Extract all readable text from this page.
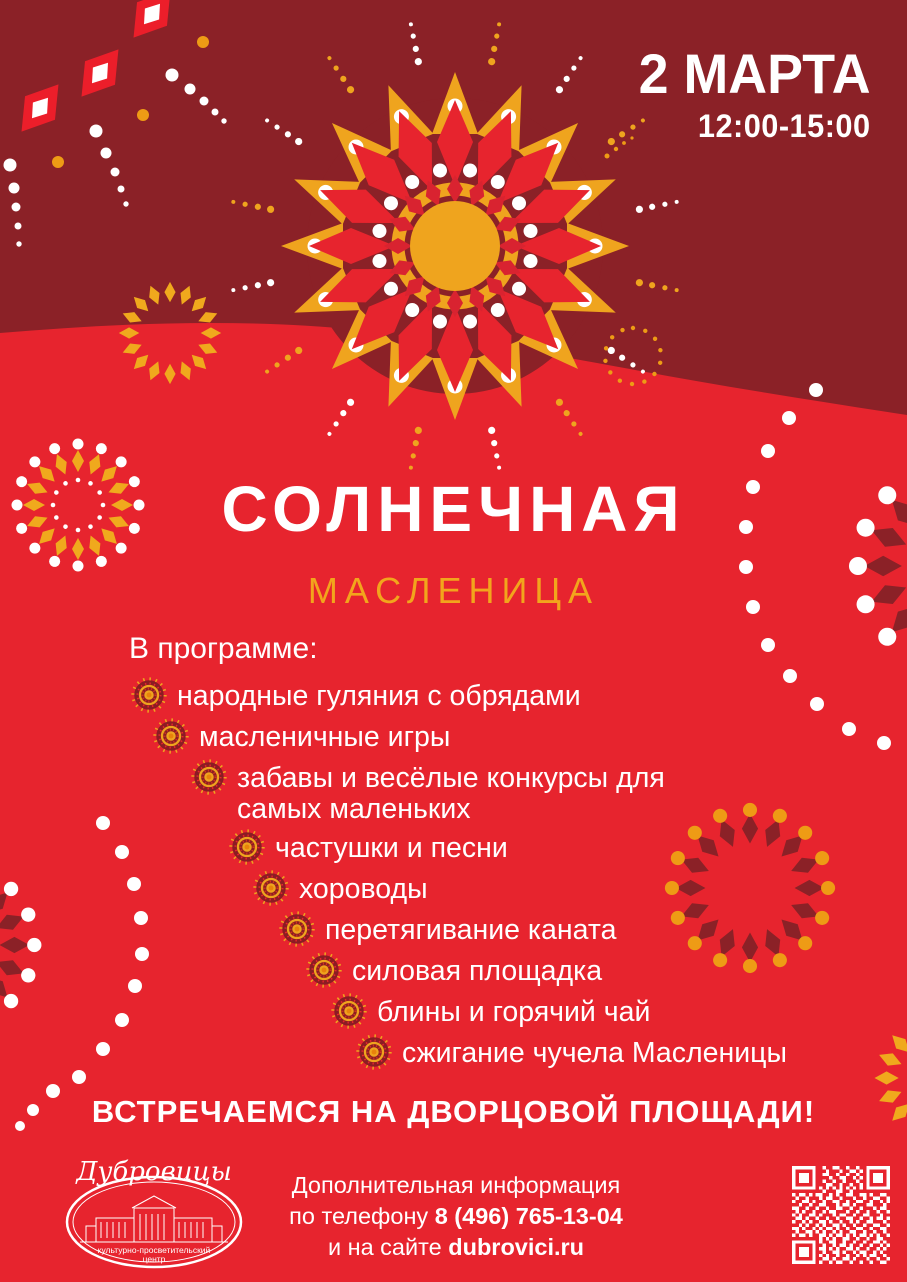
2 МАРТА
12:00-15:00
СОЛНЕЧНАЯ
МАСЛЕНИЦА
В программе:
народные гуляния с обрядами
масленичные игры
забавы и весёлые конкурсы для самых маленьких
частушки и песни
хороводы
перетягивание каната
силовая площадка
блины и горячий чай
сжигание чучела Масленицы
ВСТРЕЧАЕМСЯ НА ДВОРЦОВОЙ ПЛОЩАДИ!
Дубровицы
культурно-просветительский
центр
Дополнительная информация
по телефону 8 (496) 765-13-04
и на сайте dubrovici.ru
